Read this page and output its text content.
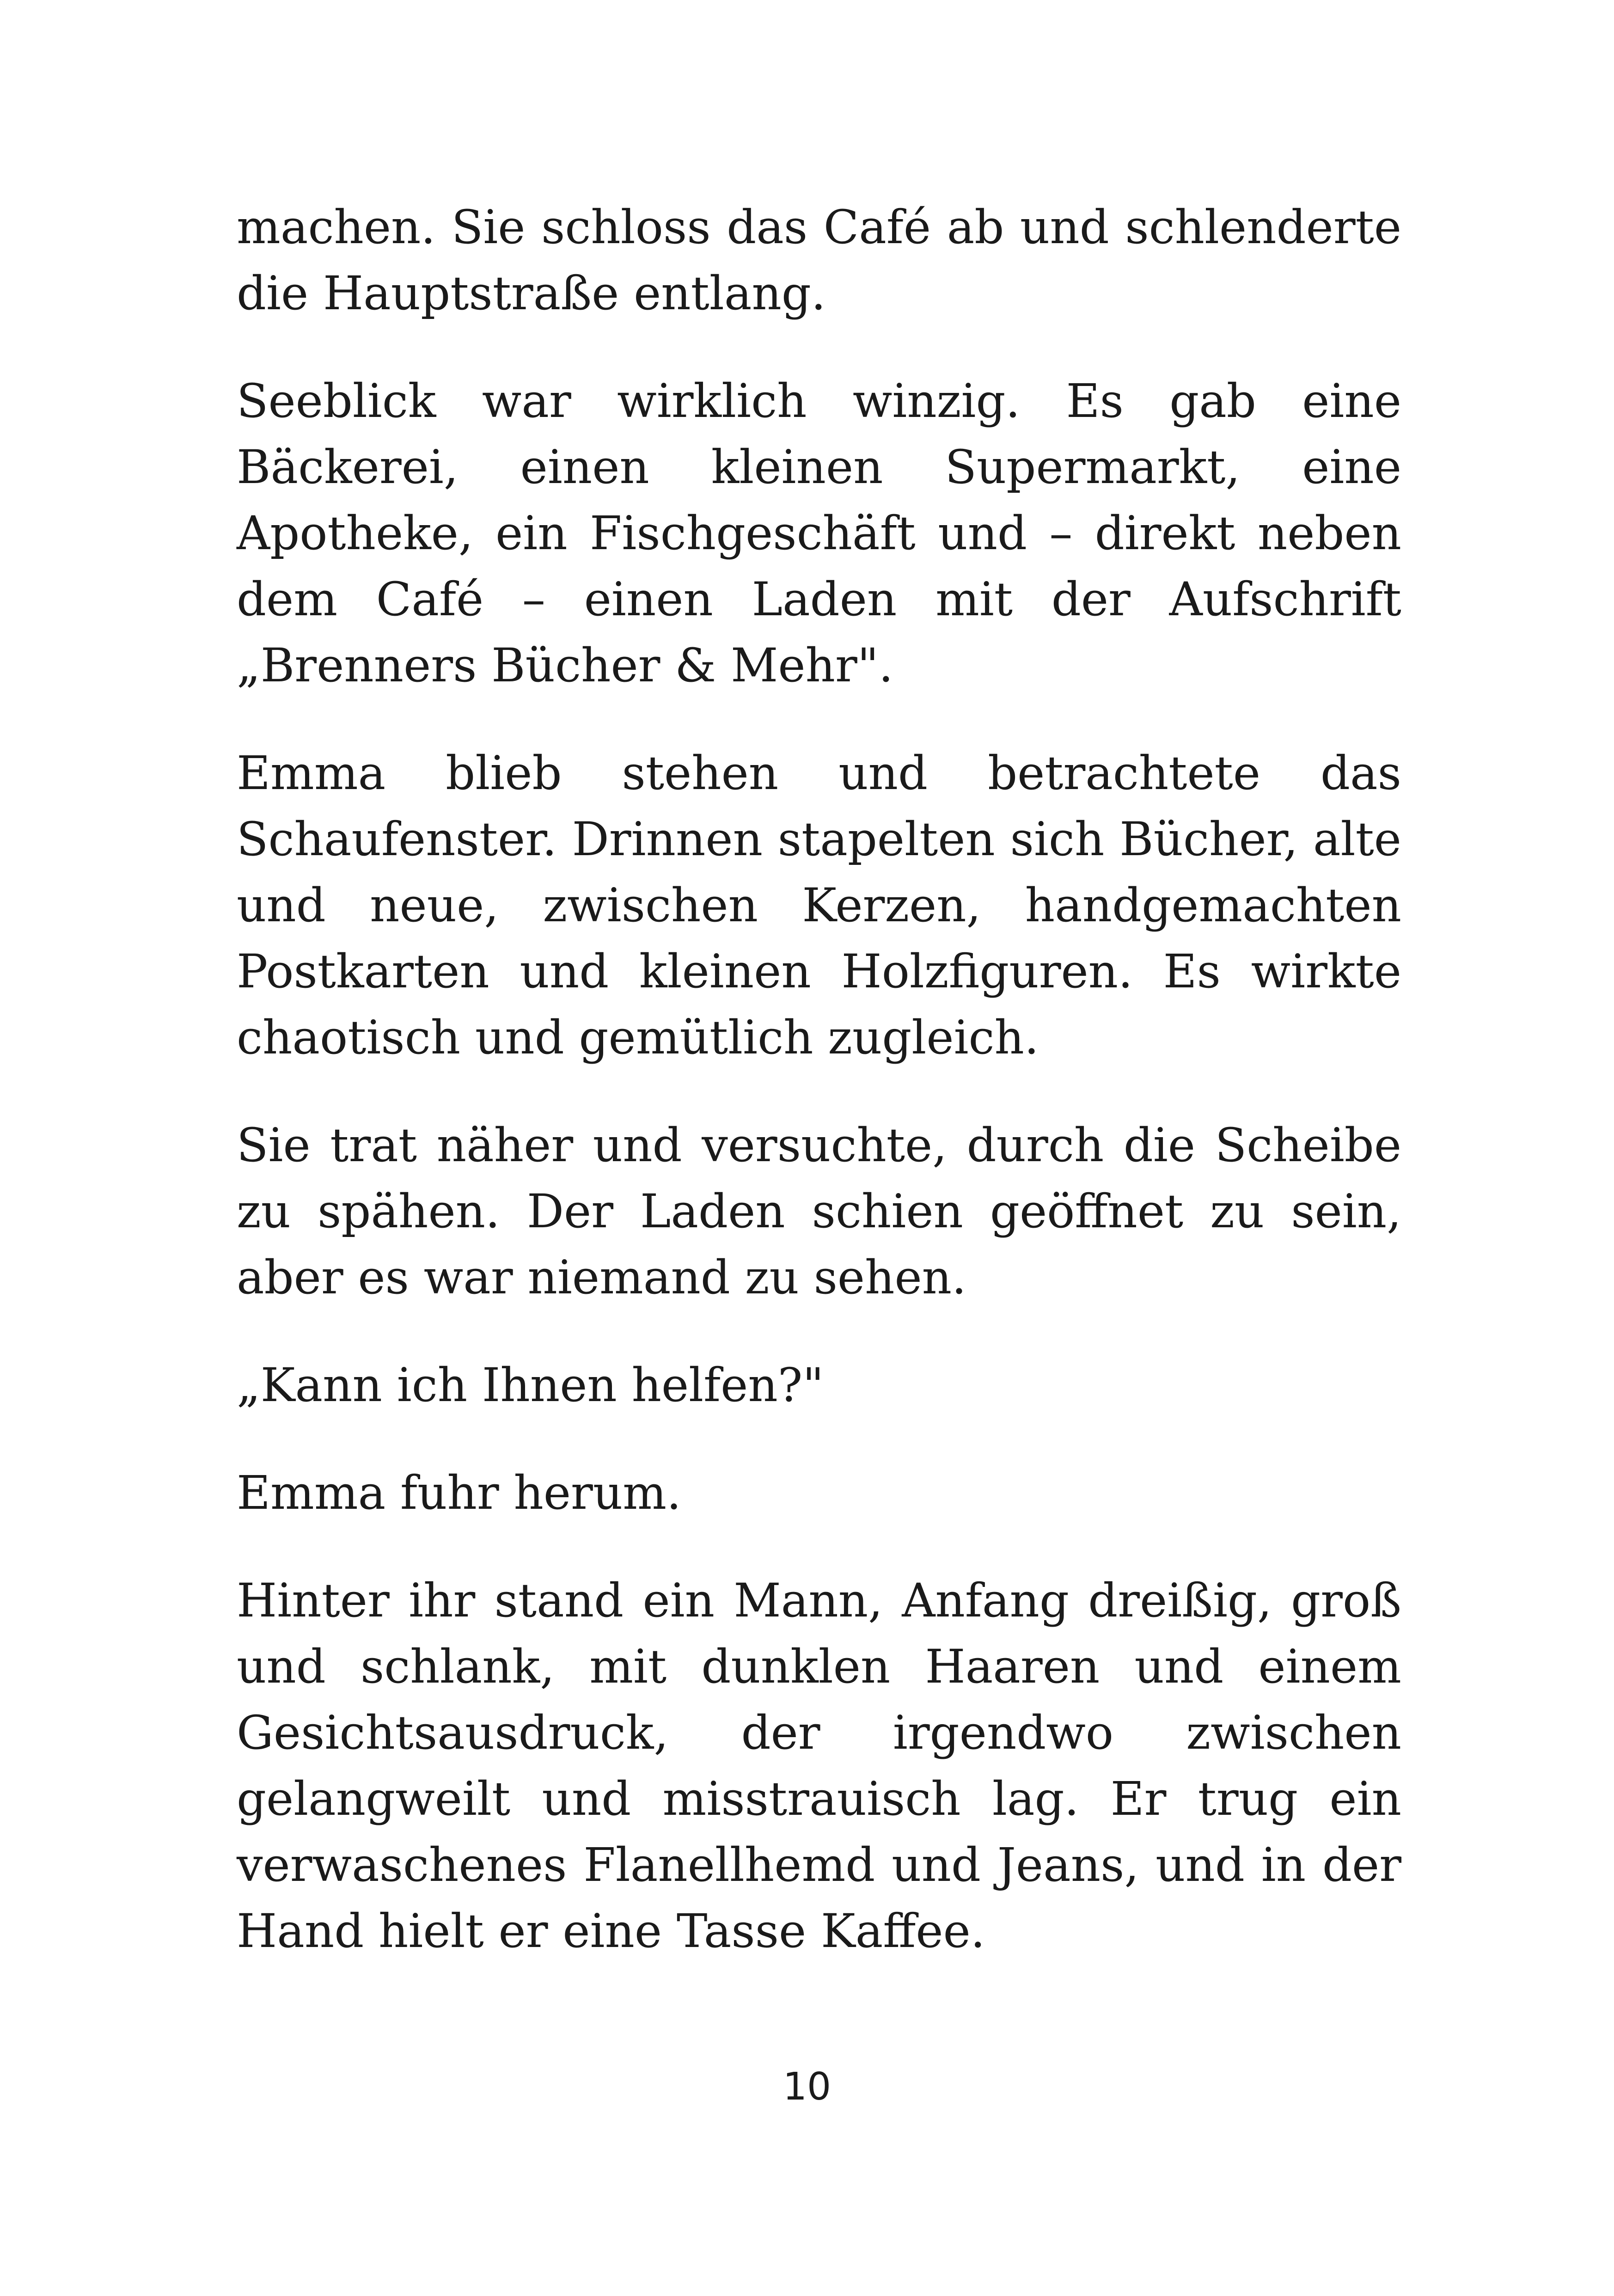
machen. Sie schloss das Café ab und schlenderte die Hauptstraße entlang.

Seeblick war wirklich winzig. Es gab eine Bäckerei, einen kleinen Supermarkt, eine Apotheke, ein Fischgeschäft und – direkt neben dem Café – einen Laden mit der Aufschrift „Brenners Bücher & Mehr".

Emma blieb stehen und betrachtete das Schaufenster. Drinnen stapelten sich Bücher, alte und neue, zwischen Kerzen, handgemachten Postkarten und kleinen Holzfiguren. Es wirkte chaotisch und gemütlich zugleich.

Sie trat näher und versuchte, durch die Scheibe zu spähen. Der Laden schien geöffnet zu sein, aber es war niemand zu sehen.

„Kann ich Ihnen helfen?"

Emma fuhr herum.

Hinter ihr stand ein Mann, Anfang dreißig, groß und schlank, mit dunklen Haaren und einem Gesichtsausdruck, der irgendwo zwischen gelangweilt und misstrauisch lag. Er trug ein verwaschenes Flanellhemd und Jeans, und in der Hand hielt er eine Tasse Kaffee.

10
